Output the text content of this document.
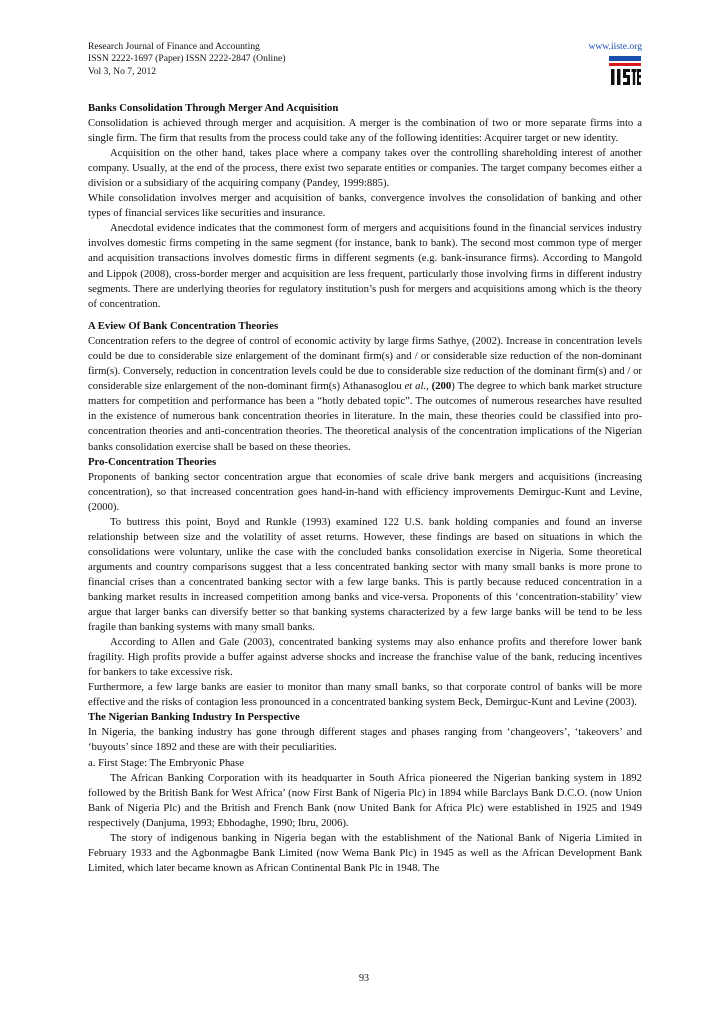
Research Journal of Finance and Accounting
ISSN 2222-1697 (Paper) ISSN 2222-2847 (Online)
Vol 3, No 7, 2012
www.iiste.org
Banks Consolidation Through Merger And Acquisition

Consolidation is achieved through merger and acquisition. A merger is the combination of two or more separate firms into a single firm. The firm that results from the process could take any of the following identities: Acquirer target or new identity.

Acquisition on the other hand, takes place where a company takes over the controlling shareholding interest of another company. Usually, at the end of the process, there exist two separate entities or companies. The target company becomes either a division or a subsidiary of the acquiring company (Pandey, 1999:885).

While consolidation involves merger and acquisition of banks, convergence involves the consolidation of banking and other types of financial services like securities and insurance.

Anecdotal evidence indicates that the commonest form of mergers and acquisitions found in the financial services industry involves domestic firms competing in the same segment (for instance, bank to bank). The second most common type of merger and acquisition transactions involves domestic firms in different segments (e.g. bank-insurance firms). According to Mangold and Lippok (2008), cross-border merger and acquisition are less frequent, particularly those involving firms in different industry segments. There are underlying theories for regulatory institution’s push for mergers and acquisitions among which is the theory of concentration.

A Eview Of Bank Concentration Theories

Concentration refers to the degree of control of economic activity by large firms Sathye, (2002). Increase in concentration levels could be due to considerable size enlargement of the dominant firm(s) and / or considerable size reduction of the non-dominant firm(s). Conversely, reduction in concentration levels could be due to considerable size reduction of the dominant firm(s) and / or considerable size enlargement of the non-dominant firm(s) Athanasoglou et al., (200) The degree to which bank market structure matters for competition and performance has been a “hotly debated topic”. The outcomes of numerous researches have resulted in the existence of numerous bank concentration theories in literature. In the main, these theories could be classified into pro-concentration theories and anti-concentration theories. The theoretical analysis of the concentration implications of the Nigerian banks consolidation exercise shall be based on these theories.

Pro-Concentration Theories

Proponents of banking sector concentration argue that economies of scale drive bank mergers and acquisitions (increasing concentration), so that increased concentration goes hand-in-hand with efficiency improvements Demirguc-Kunt and Levine, (2000).

To buttress this point, Boyd and Runkle (1993) examined 122 U.S. bank holding companies and found an inverse relationship between size and the volatility of asset returns. However, these findings are based on situations in which the consolidations were voluntary, unlike the case with the concluded banks consolidation exercise in Nigeria. Some theoretical arguments and country comparisons suggest that a less concentrated banking sector with many small banks is more prone to financial crises than a concentrated banking sector with a few large banks. This is partly because reduced concentration in a banking market results in increased competition among banks and vice-versa. Proponents of this ‘concentration-stability’ view argue that larger banks can diversify better so that banking systems characterized by a few large banks will be tend to be less fragile than banking systems with many small banks.

According to Allen and Gale (2003), concentrated banking systems may also enhance profits and therefore lower bank fragility. High profits provide a buffer against adverse shocks and increase the franchise value of the bank, reducing incentives for bankers to take excessive risk.

Furthermore, a few large banks are easier to monitor than many small banks, so that corporate control of banks will be more effective and the risks of contagion less pronounced in a concentrated banking system Beck, Demirguc-Kunt and Levine (2003).

The Nigerian Banking Industry In Perspective

In Nigeria, the banking industry has gone through different stages and phases ranging from ‘changeovers’, ‘takeovers’ and ‘buyouts’ since 1892 and these are with their peculiarities.

a. First Stage: The Embryonic Phase

The African Banking Corporation with its headquarter in South Africa pioneered the Nigerian banking system in 1892 followed by the British Bank for West Africa’ (now First Bank of Nigeria Plc) in 1894 while Barclays Bank D.C.O. (now Union Bank of Nigeria Plc) and the British and French Bank (now United Bank for Africa Plc) were established in 1925 and 1949 respectively (Danjuma, 1993; Ebhodaghe, 1990; Ibru, 2006).

The story of indigenous banking in Nigeria began with the establishment of the National Bank of Nigeria Limited in February 1933 and the Agbonmagbe Bank Limited (now Wema Bank Plc) in 1945 as well as the African Development Bank Limited, which later became known as African Continental Bank Plc in 1948. The

93
